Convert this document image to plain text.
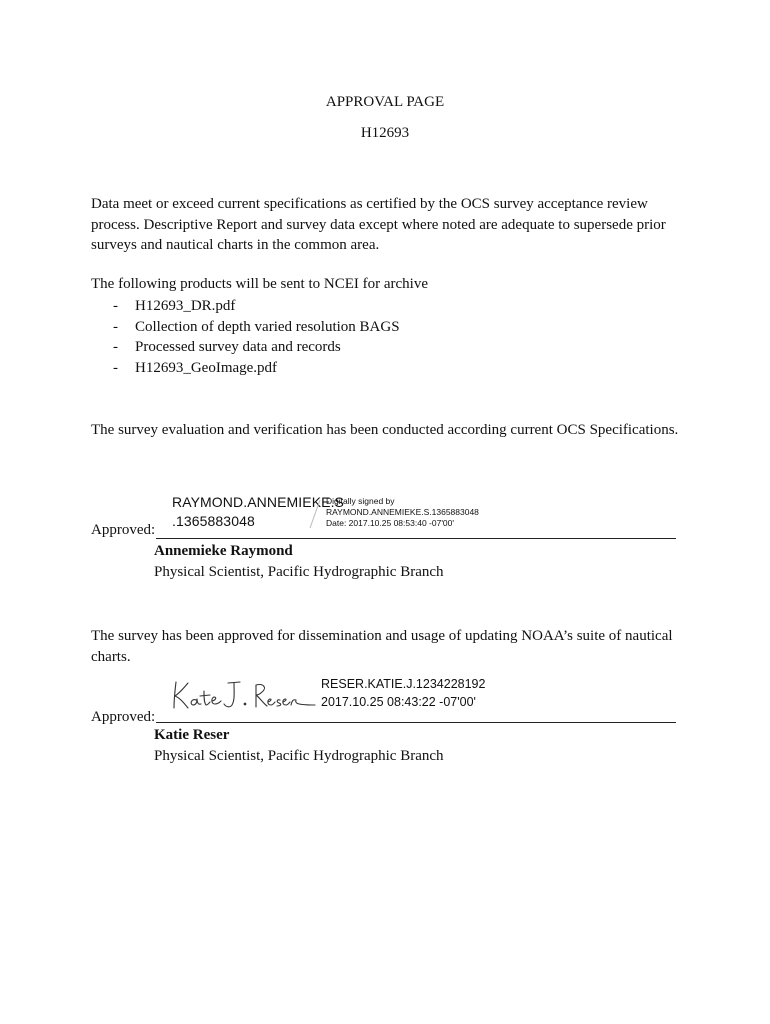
APPROVAL PAGE
H12693

Data meet or exceed current specifications as certified by the OCS survey acceptance review process. Descriptive Report and survey data except where noted are adequate to supersede prior surveys and nautical charts in the common area.

The following products will be sent to NCEI for archive
-	H12693_DR.pdf
-	Collection of depth varied resolution BAGS
-	Processed survey data and records
-	H12693_GeoImage.pdf

The survey evaluation and verification has been conducted according current OCS Specifications.

RAYMOND.ANNEMIEKE.S
.1365883048
Digitally signed by
RAYMOND.ANNEMIEKE.S.1365883048
Date: 2017.10.25 08:53:40 -07'00'
Approved:
Annemieke Raymond
Physical Scientist, Pacific Hydrographic Branch

The survey has been approved for dissemination and usage of updating NOAA’s suite of nautical charts.

RESER.KATIE.J.1234228192
2017.10.25 08:43:22 -07'00'
Approved:
Katie Reser
Physical Scientist, Pacific Hydrographic Branch
